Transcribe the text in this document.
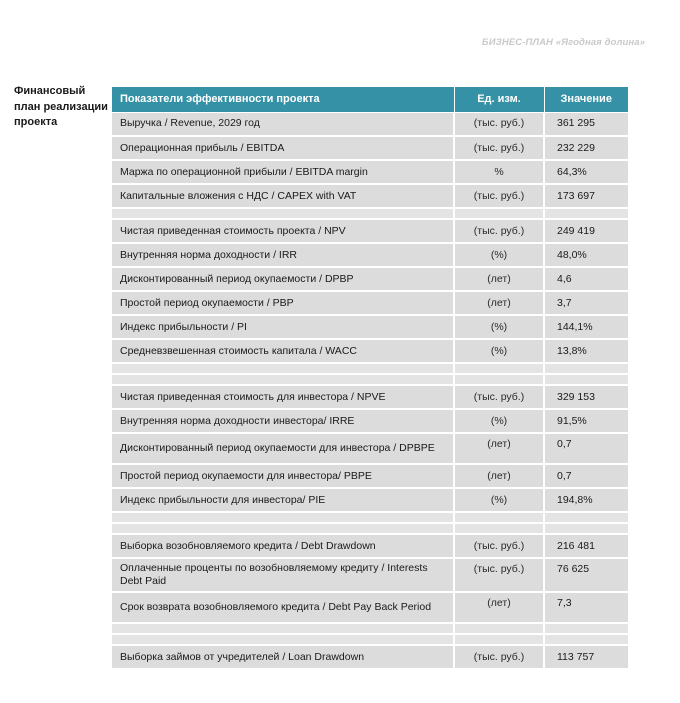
БИЗНЕС-ПЛАН «Ягодная долина»
Финансовый план реализации проекта
Показатели эффективности проекта	Ед. изм.	Значение
Выручка / Revenue, 2029 год	(тыс. руб.)	361 295
Операционная прибыль / EBITDA	(тыс. руб.)	232 229
Маржа по операционной прибыли / EBITDA margin	%	64,3%
Капитальные вложения с НДС / CAPEX with VAT	(тыс. руб.)	173 697

Чистая приведенная стоимость проекта / NPV	(тыс. руб.)	249 419
Внутренняя норма доходности / IRR	(%)	48,0%
Дисконтированный период окупаемости / DPBP	(лет)	4,6
Простой период окупаемости / PBP	(лет)	3,7
Индекс прибыльности / PI	(%)	144,1%
Средневзвешенная стоимость капитала / WACC	(%)	13,8%

Чистая приведенная стоимость для инвестора / NPVE	(тыс. руб.)	329 153
Внутренняя норма доходности инвестора/ IRRE	(%)	91,5%
Дисконтированный период окупаемости для инвестора / DPBPE	(лет)	0,7
Простой период окупаемости для инвестора/ PBPE	(лет)	0,7
Индекс прибыльности для инвестора/ PIE	(%)	194,8%

Выборка возобновляемого кредита / Debt Drawdown	(тыс. руб.)	216 481
Оплаченные проценты по возобновляемому кредиту / Interests Debt Paid	(тыс. руб.)	76 625
Срок возврата возобновляемого кредита / Debt Pay Back Period	(лет)	7,3

Выборка займов от учредителей / Loan Drawdown	(тыс. руб.)	113 757
